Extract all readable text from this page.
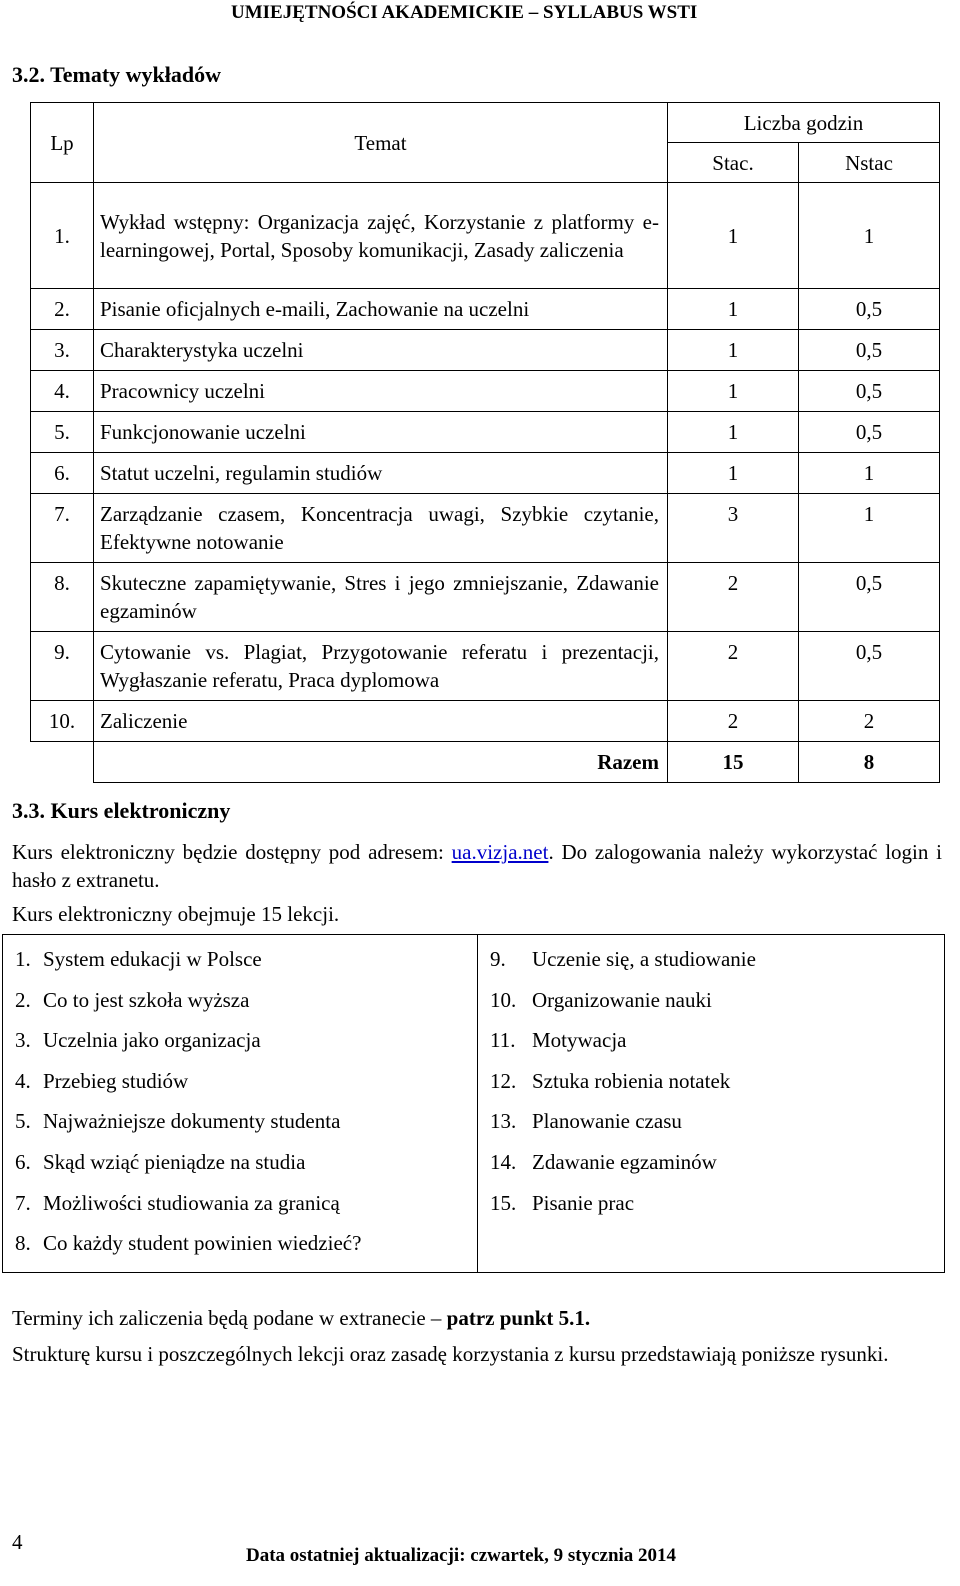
UMIEJĘTNOŚCI AKADEMICKIE – SYLLABUS WSTI
3.2. Tematy wykładów
Lp	Temat	Liczba godzin	
		Stac.	Nstac
1.	Wykład wstępny: Organizacja zajęć, Korzystanie z platformy e-learningowej, Portal, Sposoby komunikacji, Zasady zaliczenia	1	1
2.	Pisanie oficjalnych e-maili, Zachowanie na uczelni	1	0,5
3.	Charakterystyka uczelni	1	0,5
4.	Pracownicy uczelni	1	0,5
5.	Funkcjonowanie uczelni	1	0,5
6.	Statut uczelni, regulamin studiów	1	1
7.	Zarządzanie czasem, Koncentracja uwagi, Szybkie czytanie, Efektywne notowanie	3	1
8.	Skuteczne zapamiętywanie, Stres i jego zmniejszanie, Zdawanie egzaminów	2	0,5
9.	Cytowanie vs. Plagiat, Przygotowanie referatu i prezentacji, Wygłaszanie referatu, Praca dyplomowa	2	0,5
10.	Zaliczenie	2	2
	Razem	15	8
3.3. Kurs elektroniczny
Kurs elektroniczny będzie dostępny pod adresem: ua.vizja.net. Do zalogowania należy wykorzystać login i hasło z extranetu.
Kurs elektroniczny obejmuje 15 lekcji.
1. System edukacji w Polsce
2. Co to jest szkoła wyższa
3. Uczelnia jako organizacja
4. Przebieg studiów
5. Najważniejsze dokumenty studenta
6. Skąd wziąć pieniądze na studia
7. Możliwości studiowania za granicą
8. Co każdy student powinien wiedzieć?

9.	Uczenie się, a studiowanie
10. Organizowanie nauki
11. Motywacja
12. Sztuka robienia notatek
13. Planowanie czasu
14. Zdawanie egzaminów
15. Pisanie prac
Terminy ich zaliczenia będą podane w extranecie – patrz punkt 5.1.
Strukturę kursu i poszczególnych lekcji oraz zasadę korzystania z kursu przedstawiają poniższe rysunki.
4
Data ostatniej aktualizacji: czwartek, 9 stycznia 2014
